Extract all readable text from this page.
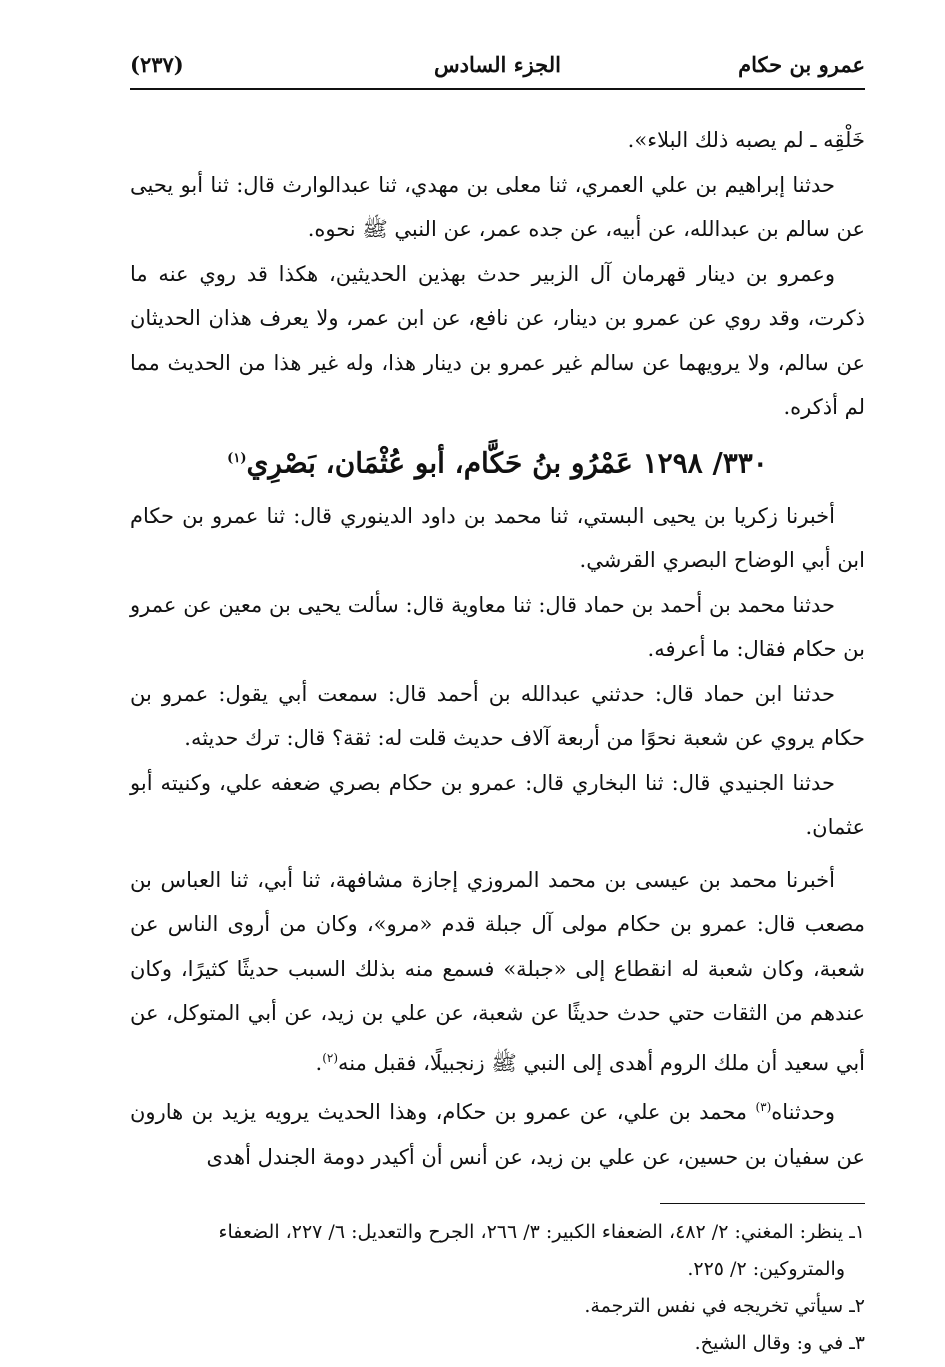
عمرو بن حكام
الجزء السادس
(٢٣٧)

خَلْقِه ـ لم يصبه ذلك البلاء».

حدثنا إبراهيم بن علي العمري، ثنا معلى بن مهدي، ثنا عبدالوارث قال: ثنا أبو يحيى عن سالم بن عبدالله، عن أبيه، عن جده عمر، عن النبي ﷺ نحوه.

وعمرو بن دينار قهرمان آل الزبير حدث بهذين الحديثين، هكذا قد روي عنه ما ذكرت، وقد روي عن عمرو بن دينار، عن نافع، عن ابن عمر، ولا يعرف هذان الحديثان عن سالم، ولا يرويهما عن سالم غير عمرو بن دينار هذا، وله غير هذا من الحديث مما لم أذكره.

٣٣٠/ ١٢٩٨ عَمْرُو بنُ حَكَّام، أبو عُثْمَان، بَصْرِي$^{(١)}$

أخبرنا زكريا بن يحيى البستي، ثنا محمد بن داود الدينوري قال: ثنا عمرو بن حكام ابن أبي الوضاح البصري القرشي.

حدثنا محمد بن أحمد بن حماد قال: ثنا معاوية قال: سألت يحيى بن معين عن عمرو بن حكام فقال: ما أعرفه.

حدثنا ابن حماد قال: حدثني عبدالله بن أحمد قال: سمعت أبي يقول: عمرو بن حكام يروي عن شعبة نحوًا من أربعة آلاف حديث قلت له: ثقة؟ قال: ترك حديثه.

حدثنا الجنيدي قال: ثنا البخاري قال: عمرو بن حكام بصري ضعفه علي، وكنيته أبو عثمان.

أخبرنا محمد بن عيسى بن محمد المروزي إجازة مشافهة، ثنا أبي، ثنا العباس بن مصعب قال: عمرو بن حكام مولى آل جبلة قدم «مرو»، وكان من أروى الناس عن شعبة، وكان شعبة له انقطاع إلى «جبلة» فسمع منه بذلك السبب حديثًا كثيرًا، وكان عندهم من الثقات حتي حدث حديثًا عن شعبة، عن علي بن زيد، عن أبي المتوكل، عن أبي سعيد أن ملك الروم أهدى إلى النبي ﷺ زنجبيلًا، فقبل منه$^{(٢)}$.

وحدثناه$^{(٣)}$ محمد بن علي، عن عمرو بن حكام، وهذا الحديث يرويه يزيد بن هارون عن سفيان بن حسين، عن علي بن زيد، عن أنس أن أكيدر دومة الجندل أهدى

١ـ ينظر: المغني: ٢/ ٤٨٢، الضعفاء الكبير: ٣/ ٢٦٦، الجرح والتعديل: ٦/ ٢٢٧، الضعفاء

والمتروكين: ٢/ ٢٢٥.

٢ـ سيأتي تخريجه في نفس الترجمة.

٣ـ في و: وقال الشيخ.
